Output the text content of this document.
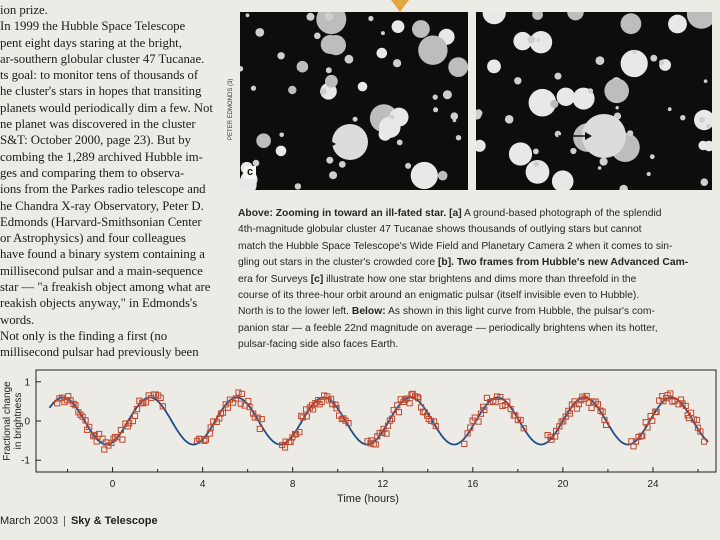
ion prize.
In 1999 the Hubble Space Telescope
pent eight days staring at the bright,
ar-southern globular cluster 47 Tucanae.
ts goal: to monitor tens of thousands of
he cluster's stars in hopes that transiting
planets would periodically dim a few. Not
ne planet was discovered in the cluster
S&T: October 2000, page 23). But by
combing the 1,289 archived Hubble im-
ges and comparing them to observa-
ions from the Parkes radio telescope and
he Chandra X-ray Observatory, Peter D.
Edmonds (Harvard-Smithsonian Center
or Astrophysics) and four colleagues
have found a binary system containing a
millisecond pulsar and a main-sequence
star — "a freakish object among what are
reakish objects anyway," in Edmonds's
words.
Not only is the finding a first (no
millisecond pulsar had previously been
PETER EDMONDS (3)
c
Above: Zooming in toward an ill-fated star. [a] A ground-based photograph of the splendid
4th-magnitude globular cluster 47 Tucanae shows thousands of outlying stars but cannot
match the Hubble Space Telescope's Wide Field and Planetary Camera 2 when it comes to sin-
gling out stars in the cluster's crowded core [b]. Two frames from Hubble's new Advanced Cam-
era for Surveys [c] illustrate how one star brightens and dims more than threefold in the
course of its three-hour orbit around an enigmatic pulsar (itself invisible even to Hubble).
North is to the lower left. Below: As shown in this light curve from Hubble, the pulsar's com-
panion star — a feeble 22nd magnitude on average — periodically brightens when its hotter,
pulsar-facing side also faces Earth.
0	4	8	12	16	20	24
1
0
-1
Time (hours)
Fractional change in brightness
March 2003 | Sky & Telescope
